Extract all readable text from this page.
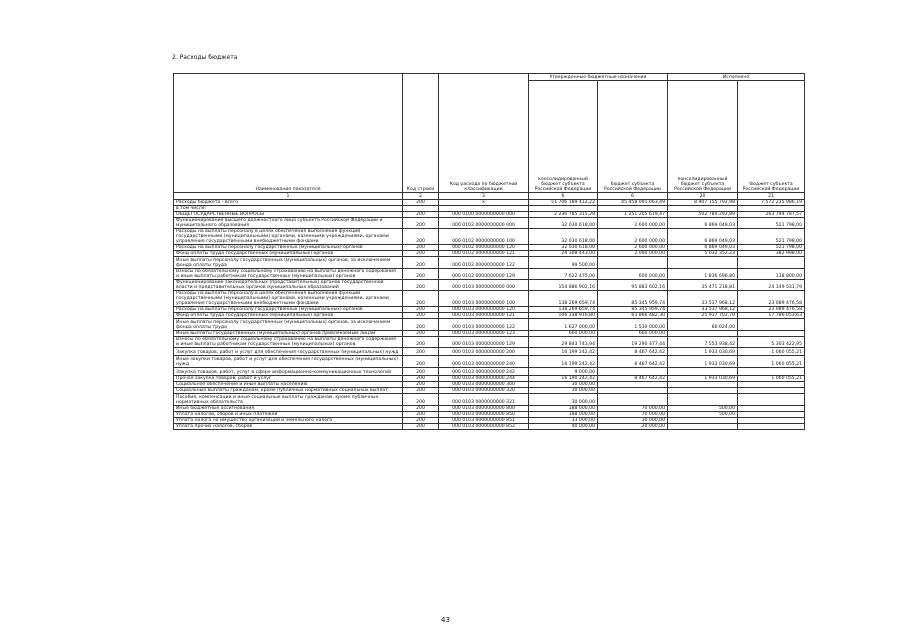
2. Расходы бюджета
Наименование показателя	Код строки	Код расхода по бюджетной классификации	Утвержденные бюджетные назначения		Исполнено	
			консолидированный бюджет субъекта Российской Федерации	бюджет субъекта Российской Федерации	консолидированный бюджет субъекта Российской Федерации	бюджет субъекта Российской Федерации
1	2	3	6	6	20	21
Расходы бюджета - всего	200	x	51 706 189 412,22	45 458 091 063,49	8 907 155 792,98	7 572 235 986,19
в том числе:						
ОБЩЕГОСУДАРСТВЕННЫЕ ВОПРОСЫ	200	000 0100 0000000000 000	2 236 785 315,28	1 251 205 619,47	502 784 292,89	263 794 787,57
Функционирование высшего должностного лица субъекта Российской Федерации и муниципального образования	200	000 0102 0000000000 000	32 030 618,00	2 600 000,00	6 869 049,03	521 798,00
Расходы на выплаты персоналу в целях обеспечения выполнения функций государственными (муниципальными) органами, казенными учреждениями, органами управления государственными внебюджетными фондами	200	000 0102 0000000000 100	32 030 618,00	2 600 000,00	6 869 049,03	521 798,00
Расходы на выплаты персоналу государственных (муниципальных) органов	200	000 0102 0000000000 120	32 030 618,00	2 600 000,00	6 869 049,03	521 798,00
Фонд оплаты труда государственных (муниципальных) органов	200	000 0102 0000000000 121	24 308 443,00	2 000 000,00	5 032 352,23	382 998,00
Иные выплаты персоналу государственных (муниципальных) органов, за исключением фонда оплаты труда	200	000 0102 0000000000 122	99 500,00			
Взносы по обязательному социальному страхованию на выплаты денежного содержания и иные выплаты работникам государственных (муниципальных) органов	200	000 0102 0000000000 129	7 622 475,00	600 000,00	1 836 696,80	138 800,00
Функционирование законодательных (представительных) органов государственной власти и представительных органов муниципальных образований	200	000 0103 0000000000 000	154 886 902,16	95 883 602,16	35 471 218,81	24 149 531,79
Расходы на выплаты персоналу в целях обеспечения выполнения функций государственными (муниципальными) органами, казенными учреждениями, органами управления государственными внебюджетными фондами	200	000 0103 0000000000 100	138 269 659,74	85 345 959,74	33 537 968,12	23 089 476,58
Расходы на выплаты персоналу государственных (муниципальных) органов	200	000 0103 0000000000 120	138 269 659,74	85 345 959,74	33 537 968,12	23 089 476,58
Фонд оплаты труда государственных (муниципальных) органов	200	000 0103 0000000000 121	106 138 916,80	63 866 482,30	25 917 702,70	17 786 053,63
Иные выплаты персоналу государственных (муниципальных) органов, за исключением фонда оплаты труда	200	000 0103 0000000000 122	1 627 000,00	1 530 000,00	66 024,00	
Иные выплаты государственных (муниципальных) органов привлекаемым лицам	200	000 0103 0000000000 123	660 000,00	660 000,00		
Взносы по обязательному социальному страхованию на выплаты денежного содержания и иные выплаты работникам государственных (муниципальных) органов	200	000 0103 0000000000 129	29 843 743,94	19 290 477,44	7 553 938,42	5 303 422,95
Закупка товаров, работ и услуг для обеспечения государственных (муниципальных) нужд	200	000 0103 0000000000 200	16 199 242,42	8 467 642,42	1 933 030,69	1 060 055,21
Иные закупки товаров, работ и услуг для обеспечения государственных (муниципальных) нужд	200	000 0103 0000000000 240	16 199 242,42	8 467 642,42	1 933 030,69	1 060 055,21
Закупка товаров, работ, услуг в сфере информационно-коммуникационных технологий	200	000 0103 0000000000 242	9 000,00			
Прочая закупка товаров, работ и услуг	200	000 0103 0000000000 244	16 190 242,42	8 467 642,42	1 933 030,69	1 060 055,21
Социальное обеспечение и иные выплаты населению	200	000 0103 0000000000 300	30 000,00			
Социальные выплаты гражданам, кроме публичных нормативных социальных выплат	200	000 0103 0000000000 320	30 000,00			
Пособия, компенсации и иные социальные выплаты гражданам, кроме публичных нормативных обязательств	200	000 0103 0000000000 321	30 000,00			
Иные бюджетные ассигнования	200	000 0103 0000000000 800	188 000,00	70 000,00	500,00	
Уплата налогов, сборов и иных платежей	200	000 0103 0000000000 850	188 000,00	70 000,00	500,00	
Уплата налога на имущество организаций и земельного налога	200	000 0103 0000000000 851	33 000,00	30 000,00		
Уплата прочих налогов, сборов	200	000 0103 0000000000 852	40 000,00	20 000,00		
43
